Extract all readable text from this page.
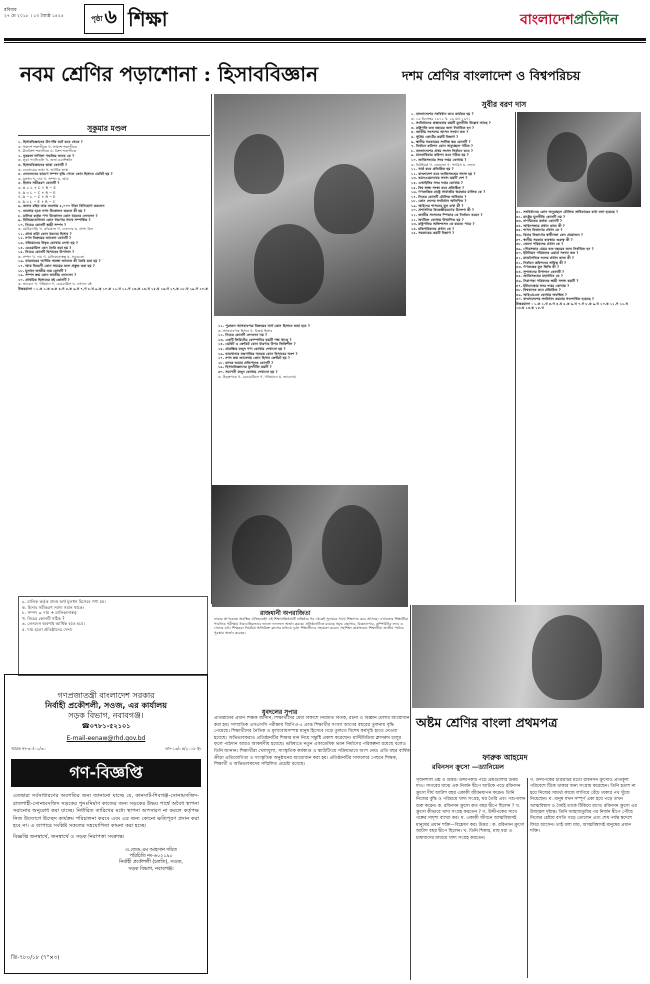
রবিবার
২৭ মে ২০১৮ । ১৩ জ্যৈষ্ঠ ১৪২৫	পৃষ্ঠা ৬ শিক্ষা	বাংলাদেশপ্রতিদিন
নবম শ্রেণির পড়াশোনা : হিসাববিজ্ঞান
সুকুমার মণ্ডল
দশম শ্রেণির বাংলাদেশ ও বিশ্বপরিচয়
সুবীর বরণ দাস

১. হিসাববিজ্ঞানের উৎপত্তি ঘটে কবে থেকে ?

ক. পঞ্চদশ শতাব্দীতে খ. সপ্তদশ শতাব্দীতে

গ. ঊনবিংশ শতাব্দীতে ঘ. বিংশ শতাব্দীতে

২. দুতরফা দাখিলা পদ্ধতির জনক কে ?

ক. লুকা প্যাসিওলি খ. জর্জ ওয়াশিংটন

৩. হিসাববিজ্ঞানের ভাষা কোনটি ?

ক. ব্যবসায়ের ভাষা খ. আর্থিক ভাষা

৪. লেনদেনের কারণে সম্পদ বৃদ্ধি পেলে কোন হিসাবে ডেবিট হয় ?

ক. মূলধন খ. দায় গ. সম্পদ ঘ. আয়

৫. হিসাব সমীকরণ কোনটি ?

ক. A = L + C + R − E

খ. A = L − C + R − E

গ. A − L − C + R − E

ঘ. A = L − E + R − C

৬. জনাব রহিম তার ব্যবসায় ৫,০০০ টাকা বিনিয়োগ করলেন

৭. ব্যবসায় হতে নগদ উত্তোলন করলে কী হয় ?

৮. মালিক কর্তৃক পণ্য উত্তোলন কোন ধরনের লেনদেন ?

৯. বিনিময়যোগ্যতা কোন ধারণার সাথে সম্পর্কিত ?

১০. নিচের কোনটি স্থায়ী সম্পদ ?

ক. মোটরগাড়ি খ. কাঁচামাল গ. দেনাদার ঘ. প্রাপ্য বিল

১১. প্রাপ্ত বাট্টা কোন ধরনের হিসাব ?

১২. নগদ বিক্রয়ের জাবেদা কোনটি ?

১৩. খতিয়ানের উদ্বৃত্ত কোথায় লেখা হয় ?

১৪. রেওয়ামিল কেন তৈরি করা হয় ?

১৫. নিচের কোনটি হিসাবের উপাদান ?

ক. সম্পদ খ. দায় গ. মালিকানাস্বত্ব ঘ. সবগুলো

১৬. কারবারের আর্থিক অবস্থা জানতে কী তৈরি করা হয় ?

১৭. আয় বিবরণী কোন সময়ের জন্য প্রস্তুত করা হয় ?

১৮. মূলধন জাতীয় ব্যয় কোনটি ?

১৯. সম্পদ ক্রয় কোন জাতীয় লেনদেন ?

২০. প্রাথমিক হিসাবের বই কোনটি ?

ক. জাবেদা খ. খতিয়ান গ. রেওয়ামিল ঘ. নগদান বই

উত্তরমালা : ১.ক ২.ক ৩.ক ৪.গ ৫.ক ৬.খ ৭.গ ৮.খ ৯.ক ১০.ক ১১.খ ১২.গ ১৩.ক ১৪.খ ১৫.ঘ ১৬.গ ১৭.ক ১৮.খ ১৯.গ ২০.ক

২১. পুরাতন আসবাবপত্র বিক্রয়ের অর্থ কোন হিসাবে জমা হবে ?

ক. আসবাবপত্র হিসাব খ. বিক্রয় হিসাব

২২. নিচের কোনটি লেনদেন নয় ?

২৩. একটি লিমিটেড কোম্পানির কয়টি পক্ষ থাকে ?

২৪. ডেবিট ও ক্রেডিট কোন ধারণার উপর ভিত্তিশীল ?

২৫. প্রারম্ভিক মজুদ পণ্য কোথায় দেখানো হয় ?

২৬. কারখানার যন্ত্রপাতির অবচয় কোন হিসাবের অংশ ?

২৭. নগদ ক্রয় জাবেদায় কোন হিসাব ক্রেডিট হয় ?

২৮. ব্যাংক জমার প্রতিপাদক কোনটি ?

২৯. হিসাববিজ্ঞানের মূলনীতি কয়টি ?

৩০. সমাপনী মজুদ কোথায় দেখানো হয় ?

ক. উদ্বৃত্তপত্রে খ. রেওয়ামিলে গ. খতিয়ানে ঘ. জাবেদায়

১. বাংলাদেশের সংবিধান কবে কার্যকর হয় ?

ক. ১৬ ডিসেম্বর ১৯৭২ খ. ২৬ মার্চ ১৯৭১

২. সংবিধানের প্রস্তাবনায় কয়টি মূলনীতি উল্লেখ আছে ?

৩. রাষ্ট্রপতি কত বছরের জন্য নির্বাচিত হন ?

৪. জাতীয় সংসদের আসন সংখ্যা কত ?

৫. সুপ্রিম কোর্টের কয়টি বিভাগ ?

৬. স্থানীয় সরকারের সর্বনিম্ন স্তর কোনটি ?

৭. নির্বাচন কমিশন কোন অনুচ্ছেদে গঠিত ?

৮. বাংলাদেশের প্রথম সংসদ নির্বাচন কবে ?

৯. মানবাধিকার কমিশন কবে গঠিত হয় ?

১০. জাতিসংঘের সদর দপ্তর কোথায় ?

ক. নিউইয়র্ক খ. জেনেভা গ. প্যারিস ঘ. লন্ডন

১১. সার্ক কবে প্রতিষ্ঠিত হয় ?

১২. বাংলাদেশ কবে জাতিসংঘের সদস্য হয় ?

১৩. কমনওয়েলথের সদস্য কয়টি দেশ ?

১৪. ওআইসির সদর দপ্তর কোথায় ?

১৫. বিশ্ব স্বাস্থ্য সংস্থা কবে প্রতিষ্ঠিত ?

১৬. গণতান্ত্রিক রাষ্ট্রে সার্বভৌম ক্ষমতার মালিক কে ?

১৭. নিচের কোনটি মৌলিক অধিকার ?

১৮. কোন দেশের সংবিধান অলিখিত ?

১৯. আইনের শাসনের মূল কথা কী ?

২০. প্রশাসনিক বিকেন্দ্রীকরণের উদ্দেশ্য কী ?

২১. জাতীয় সংসদের স্পিকার কে নির্বাচন করেন ?

২২. অর্থবিল কোথায় উত্থাপিত হয় ?

২৩. রাষ্ট্রপতির অভিশংসন কে করতে পারে ?

২৪. মন্ত্রিপরিষদের প্রধান কে ?

২৫. সরকারের কয়টি বিভাগ ?

৩১. সংবিধানের কোন অনুচ্ছেদে মৌলিক অধিকারের কথা বলা হয়েছে ?

৩২. রাষ্ট্রের মূলনীতি কোনটি নয় ?

৩৩. নাগরিকের কর্তব্য কোনটি ?

৩৪. আইনসভার প্রধান কাজ কী ?

৩৫. শাসন বিভাগের প্রধান কে ?

৩৬. বিচার বিভাগের স্বাধীনতা কেন প্রয়োজন ?

৩৭. স্থানীয় সরকার ব্যবস্থার গুরুত্ব কী ?

৩৮. জেলা পরিষদের প্রধান কে ?

৩৯. পৌরসভার মেয়র কত বছরের জন্য নির্বাচিত হন ?

৪০. ইউনিয়ন পরিষদের ওয়ার্ড সংখ্যা কত ?

৪১. রাজনৈতিক দলের প্রধান কাজ কী ?

৪২. নির্বাচন কমিশনের দায়িত্ব কী ?

৪৩. গণতন্ত্রের মূল ভিত্তি কী ?

৪৪. সুশাসনের উপাদান কোনটি ?

৪৫. জাতিসংঘের মহাসচিব কে ?

৪৬. নিরাপত্তা পরিষদের স্থায়ী সদস্য কয়টি ?

৪৭. ইউনেস্কোর সদর দপ্তর কোথায় ?

৪৮. বিশ্বব্যাংক কবে প্রতিষ্ঠিত ?

৪৯. আইএমএফ কোথায় অবস্থিত ?

৫০. বাংলাদেশের সংবিধান কয়বার সংশোধিত হয়েছে ?

উত্তরমালা : ১.ক ২.খ ৩.গ ৪.ঘ ৫.ক ৬.খ ৭.গ ৮.ক ৯.খ ১০.ক ১১.গ ১২.খ ১৩.ঘ ১৪.ক ১৫.খ

৯. মালিক কর্তৃক প্রদত্ত অর্থ মূলধন হিসেবে গণ্য হয়।

ক. হিসাব সমীকরণ সর্বদা সমান থাকে।

৮. সম্পদ = দায় + মালিকানাস্বত্ব

খ. নিচের কোনটি সঠিক ?

৬. লেনদেন অবশ্যই আর্থিক হতে হবে।

৫. দায় হলো প্রতিষ্ঠানের দেনা।

গণপ্রজাতন্ত্রী বাংলাদেশ সরকার
নির্বাহী প্রকৌশলী, সওজ, এর কার্যালয়
সড়ক বিভাগ, নবাবগঞ্জ।
☎০৭৮১-৫২১০১
E-mail-eenaw@rhd.gov.bd
স্মারক নং-৩০/০১/৩০	তাং-১৩/০৫/২০১৮ ইং
গণ-বিজ্ঞপ্তি
এতদ্বারা সর্বসাধারণের অবগতির জন্য জানানো যাচ্ছে যে, কানসাট-শিবগঞ্জ-সোনামসজিদ-রাজশাহী-সোনামসজিদ সড়কের পুনঃনির্মাণ কাজের জন্য সড়কের উভয় পার্শ্বে অবৈধ স্থাপনা সরানোর অনুরোধ করা যাচ্ছে। নির্ধারিত তারিখের মধ্যে স্থাপনা অপসারণ না করলে কর্তৃপক্ষ নিজ উদ্যোগে উচ্ছেদ কার্যক্রম পরিচালনা করবে এবং এর জন্য কোনো ক্ষতিপূরণ প্রদান করা হবে না। এ ব্যাপারে সংশ্লিষ্ট সকলের সহযোগিতা কামনা করা হচ্ছে।
বিজ্ঞপ্তি জনস্বার্থে, জনস্বার্থে ও সড়ক নিরাপত্তা সংক্রান্ত।
এ.জেড.এম আহসান দয়িত
পরিচিতি নং-৬০২১৯০
নির্বাহী প্রকৌশলী (চলতি), সওজ,
সড়ক বিভাগ, নবাবগঞ্জ।
জি-৭৮০/১৮ (৭"×৩)
রাজধানী অপরাজিতা

ঢাকার প্রাণকেন্দ্রে অবস্থিত ঐতিহ্যবাহী এই শিক্ষাপ্রতিষ্ঠানটি প্রতিষ্ঠার পর থেকেই সুনামের সাথে শিক্ষাদান করে আসছে। এখানকার শিক্ষার্থীরা পাবলিক পরীক্ষায় ধারাবাহিকভাবে ভালো ফলাফল অর্জন করছে। প্রতিষ্ঠানটিতে রয়েছে সমৃদ্ধ গ্রন্থাগার, বিজ্ঞানাগার, কম্পিউটার ল্যাব ও খেলার মাঠ। শিক্ষকরা নিয়মিত অতিরিক্ত ক্লাসের মাধ্যমে দুর্বল শিক্ষার্থীদের সহায়তা করেন। সহশিক্ষা কার্যক্রমেও শিক্ষার্থীরা জাতীয় পর্যায়ে পুরস্কার অর্জন করেছে।

যুবদলের সুপার

প্রতিষ্ঠানের প্রধান শিক্ষক জানান, শিক্ষার্থীদের মেধা বিকাশে নিয়মিত বিতর্ক, রচনা ও বিজ্ঞান মেলার আয়োজন করা হয়। সাম্প্রতিক এসএসসি পরীক্ষায় জিপিএ-৫ প্রাপ্ত শিক্ষার্থীর সংখ্যা আগের বছরের তুলনায় বৃদ্ধি পেয়েছে। শিক্ষার্থীদের নৈতিক ও মূল্যবোধসম্পন্ন মানুষ হিসেবে গড়ে তুলতে বিশেষ কর্মসূচি হাতে নেওয়া হয়েছে। অভিভাবকরাও প্রতিষ্ঠানটির শিক্ষার মান নিয়ে সন্তুষ্টি প্রকাশ করেছেন। মাল্টিমিডিয়া ক্লাসরুম চালুর ফলে পাঠদান আরও আকর্ষণীয় হয়েছে। ভবিষ্যতে নতুন একাডেমিক ভবন নির্মাণের পরিকল্পনা রয়েছে বলেও তিনি জানান। শিক্ষার্থীরা খেলাধুলা, সাংস্কৃতিক কর্মকাণ্ড ও স্কাউটিংয়ে সক্রিয়ভাবে অংশ নেয়। প্রতি বছর বার্ষিক ক্রীড়া প্রতিযোগিতা ও সাংস্কৃতিক অনুষ্ঠানের আয়োজন করা হয়। প্রতিষ্ঠানটির সাফল্যের পেছনে শিক্ষক, শিক্ষার্থী ও অভিভাবকদের সম্মিলিত প্রচেষ্টা রয়েছে।

অষ্টম শ্রেণির বাংলা প্রথমপত্র
ফারুক আহমেদ
রবিনসন ক্রুসো —ড্যানিয়েল

সৃজনশীল প্রশ্ন ও উত্তর। উদ্দীপকটি পড়ে প্রশ্নগুলোর উত্তর দাও। সাগরের মাঝে এক নির্জন দ্বীপে আটকে পড়ে রবিনসন ক্রুসো দীর্ঘ আটাশ বছর একাকী জীবনযাপন করেন। তিনি নিজের বুদ্ধি ও পরিশ্রমে খাদ্য সংগ্রহ, ঘর তৈরি এবং পশুপালন শুরু করেন। ক. রবিনসন ক্রুসো কত বছর দ্বীপে ছিলেন ? খ. ক্রুসো কীভাবে খাদ্য সংগ্রহ করতেন ? গ. উদ্দীপকের সাথে গল্পের সাদৃশ্য ব্যাখ্যা কর। ঘ. একাকী জীবনে আত্মবিশ্বাসই মানুষের প্রধান শক্তি—বিশ্লেষণ কর। উত্তর : ক. রবিনসন ক্রুসো আটাশ বছর দ্বীপে ছিলেন। খ. তিনি শিকার, মাছ ধরা ও চাষাবাদের মাধ্যমে খাদ্য সংগ্রহ করতেন।

গ. উদ্দীপকের চরিত্রটির মতো রবিনসন ক্রুসোও প্রতিকূল পরিবেশে টিকে থাকার জন্য সংগ্রাম করেছেন। তিনি হতাশ না হয়ে নিজের সামর্থ্য কাজে লাগিয়ে বেঁচে থাকার পথ খুঁজে নিয়েছেন। ঘ. মানুষ যখন সম্পূর্ণ একা হয়ে পড়ে তখন আত্মবিশ্বাস ও ধৈর্যই তাকে টিকিয়ে রাখে। রবিনসন ক্রুসো এর উজ্জ্বল দৃষ্টান্ত। তিনি জাহাজডুবির পর নির্জন দ্বীপে পৌঁছে নিজের চেষ্টায় বসতি গড়ে তোলেন এবং শেষ পর্যন্ত স্বদেশে ফিরে আসেন। তাই বলা যায়, আত্মবিশ্বাসই মানুষের প্রধান শক্তি।
